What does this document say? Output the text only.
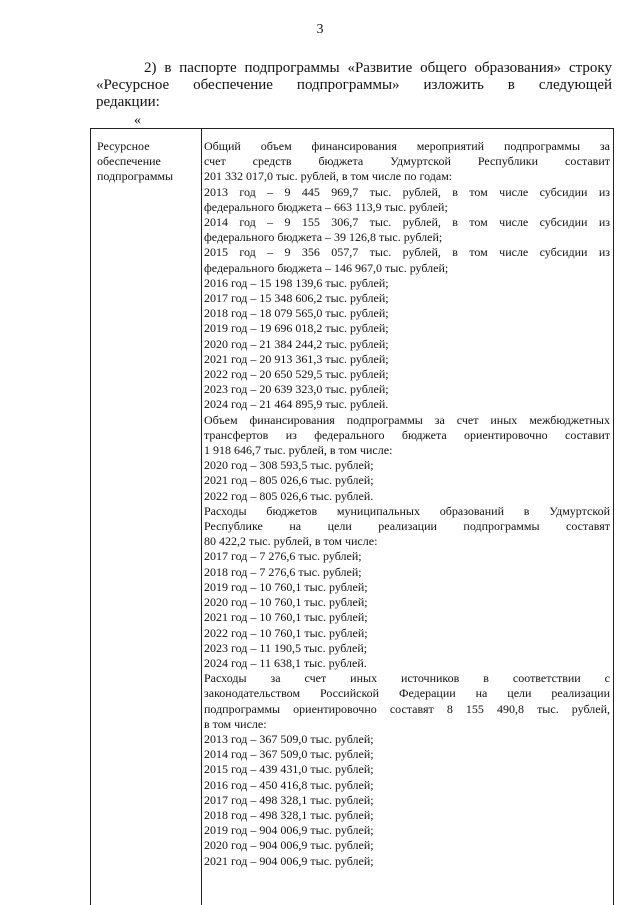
3
2) в паспорте подпрограммы «Развитие общего образования» строку
«Ресурсное обеспечение подпрограммы» изложить в следующей
редакции:
«
Ресурсное
обеспечение
подпрограммы
Общий объем финансирования мероприятий подпрограммы за
счет средств бюджета Удмуртской Республики составит
201 332 017,0 тыс. рублей, в том числе по годам:
2013 год – 9 445 969,7 тыс. рублей, в том числе субсидии из
федерального бюджета – 663 113,9 тыс. рублей;
2014 год – 9 155 306,7 тыс. рублей, в том числе субсидии из
федерального бюджета – 39 126,8 тыс. рублей;
2015 год – 9 356 057,7 тыс. рублей, в том числе субсидии из
федерального бюджета – 146 967,0 тыс. рублей;
2016 год – 15 198 139,6 тыс. рублей;
2017 год – 15 348 606,2 тыс. рублей;
2018 год – 18 079 565,0 тыс. рублей;
2019 год – 19 696 018,2 тыс. рублей;
2020 год – 21 384 244,2 тыс. рублей;
2021 год – 20 913 361,3 тыс. рублей;
2022 год – 20 650 529,5 тыс. рублей;
2023 год – 20 639 323,0 тыс. рублей;
2024 год – 21 464 895,9 тыс. рублей.
Объем финансирования подпрограммы за счет иных межбюджетных
трансфертов из федерального бюджета ориентировочно составит
1 918 646,7 тыс. рублей, в том числе:
2020 год – 308 593,5 тыс. рублей;
2021 год – 805 026,6 тыс. рублей;
2022 год – 805 026,6 тыс. рублей.
Расходы бюджетов муниципальных образований в Удмуртской
Республике на цели реализации подпрограммы составят
80 422,2 тыс. рублей, в том числе:
2017 год – 7 276,6 тыс. рублей;
2018 год – 7 276,6 тыс. рублей;
2019 год – 10 760,1 тыс. рублей;
2020 год – 10 760,1 тыс. рублей;
2021 год – 10 760,1 тыс. рублей;
2022 год – 10 760,1 тыс. рублей;
2023 год – 11 190,5 тыс. рублей;
2024 год – 11 638,1 тыс. рублей.
Расходы за счет иных источников в соответствии с
законодательством Российской Федерации на цели реализации
подпрограммы ориентировочно составят 8 155 490,8 тыс. рублей,
в том числе:
2013 год – 367 509,0 тыс. рублей;
2014 год – 367 509,0 тыс. рублей;
2015 год – 439 431,0 тыс. рублей;
2016 год – 450 416,8 тыс. рублей;
2017 год – 498 328,1 тыс. рублей;
2018 год – 498 328,1 тыс. рублей;
2019 год – 904 006,9 тыс. рублей;
2020 год – 904 006,9 тыс. рублей;
2021 год – 904 006,9 тыс. рублей;
